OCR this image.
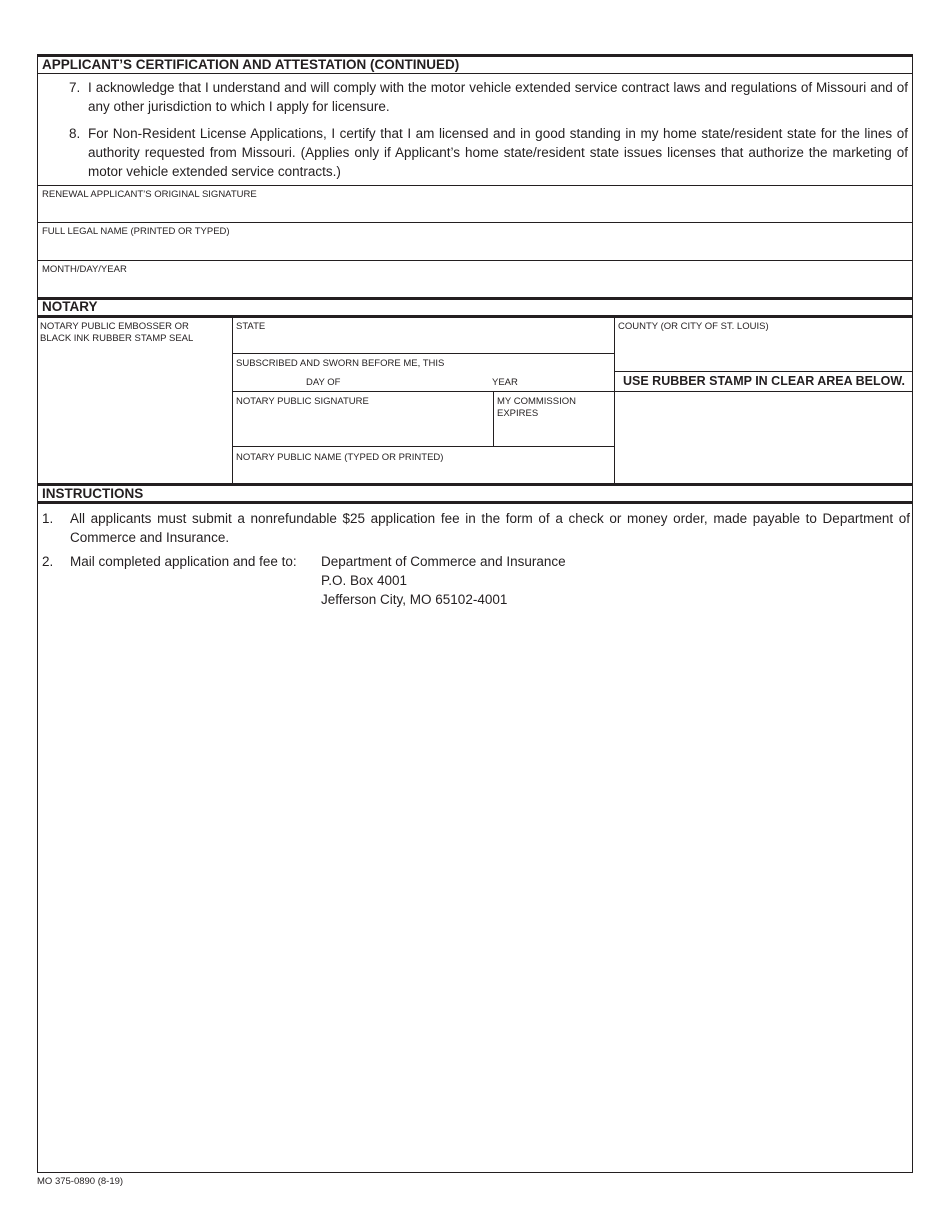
APPLICANT’S CERTIFICATION AND ATTESTATION (CONTINUED)
7. I acknowledge that I understand and will comply with the motor vehicle extended service contract laws and regulations of Missouri and of any other jurisdiction to which I apply for licensure.
8. For Non-Resident License Applications, I certify that I am licensed and in good standing in my home state/resident state for the lines of authority requested from Missouri. (Applies only if Applicant’s home state/resident state issues licenses that authorize the marketing of motor vehicle extended service contracts.)
RENEWAL APPLICANT’S ORIGINAL SIGNATURE
FULL LEGAL NAME (PRINTED OR TYPED)
MONTH/DAY/YEAR
NOTARY
NOTARY PUBLIC EMBOSSER OR BLACK INK RUBBER STAMP SEAL
STATE	COUNTY (OR CITY OF ST. LOUIS)
SUBSCRIBED AND SWORN BEFORE ME, THIS
DAY OF	YEAR	USE RUBBER STAMP IN CLEAR AREA BELOW.
NOTARY PUBLIC SIGNATURE	MY COMMISSION EXPIRES
NOTARY PUBLIC NAME (TYPED OR PRINTED)
INSTRUCTIONS
1. All applicants must submit a nonrefundable $25 application fee in the form of a check or money order, made payable to Department of Commerce and Insurance.
2. Mail completed application and fee to: Department of Commerce and Insurance
P.O. Box 4001
Jefferson City, MO 65102-4001
MO 375-0890 (8-19)
